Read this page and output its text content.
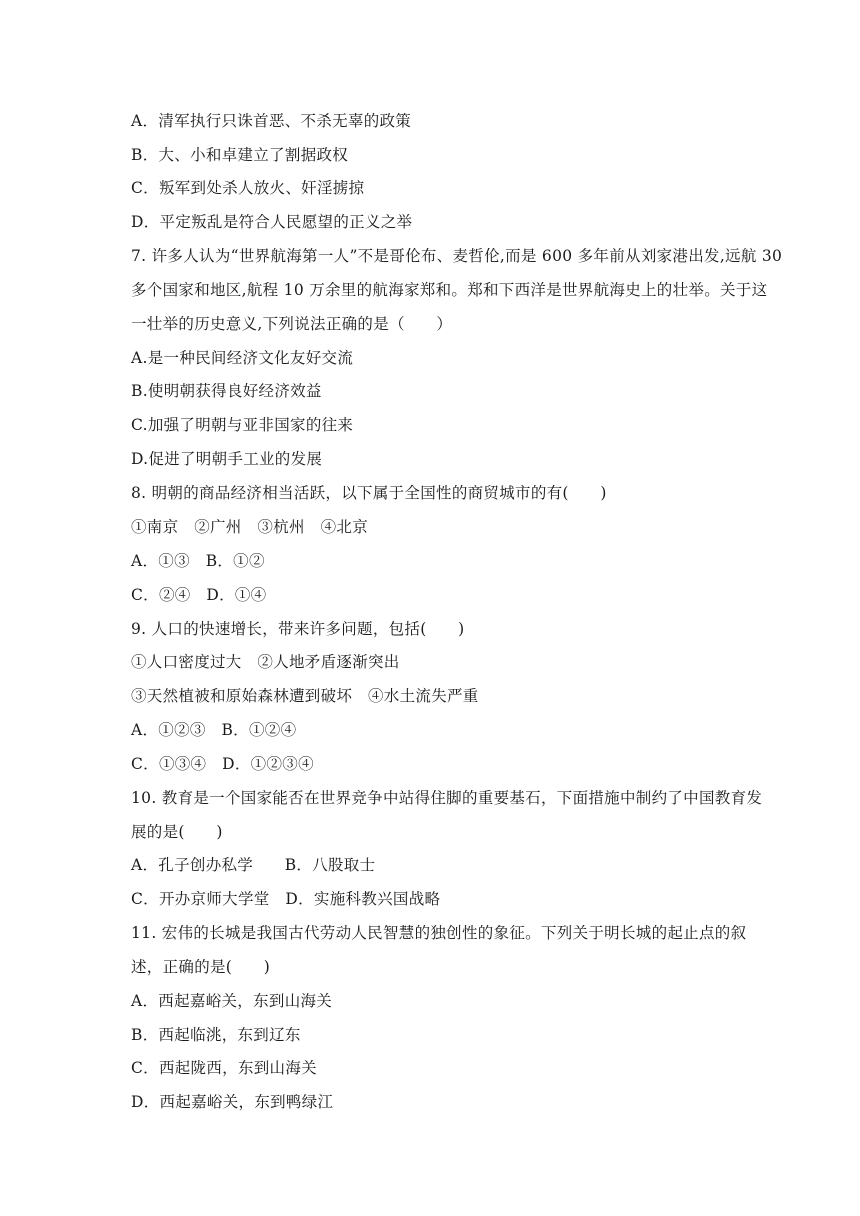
A．清军执行只诛首恶、不杀无辜的政策
B．大、小和卓建立了割据政权
C．叛军到处杀人放火、奸淫掳掠
D．平定叛乱是符合人民愿望的正义之举
7. 许多人认为“世界航海第一人”不是哥伦布、麦哲伦,而是 600 多年前从刘家港出发,远航 30
多个国家和地区,航程 10 万余里的航海家郑和。郑和下西洋是世界航海史上的壮举。关于这
一壮举的历史意义,下列说法正确的是（　　）
A.是一种民间经济文化友好交流
B.使明朝获得良好经济效益
C.加强了明朝与亚非国家的往来
D.促进了明朝手工业的发展
8. 明朝的商品经济相当活跃，以下属于全国性的商贸城市的有(　　)
①南京　②广州　③杭州　④北京
A．①③　B．①②
C．②④　D．①④
9. 人口的快速增长，带来许多问题，包括(　　)
①人口密度过大　②人地矛盾逐渐突出
③天然植被和原始森林遭到破坏　④水土流失严重
A．①②③　B．①②④
C．①③④　D．①②③④
10. 教育是一个国家能否在世界竞争中站得住脚的重要基石，下面措施中制约了中国教育发
展的是(　　)
A．孔子创办私学　　B．八股取士
C．开办京师大学堂　D．实施科教兴国战略
11. 宏伟的长城是我国古代劳动人民智慧的独创性的象征。下列关于明长城的起止点的叙
述，正确的是(　　)
A．西起嘉峪关，东到山海关
B．西起临洮，东到辽东
C．西起陇西，东到山海关
D．西起嘉峪关，东到鸭绿江
